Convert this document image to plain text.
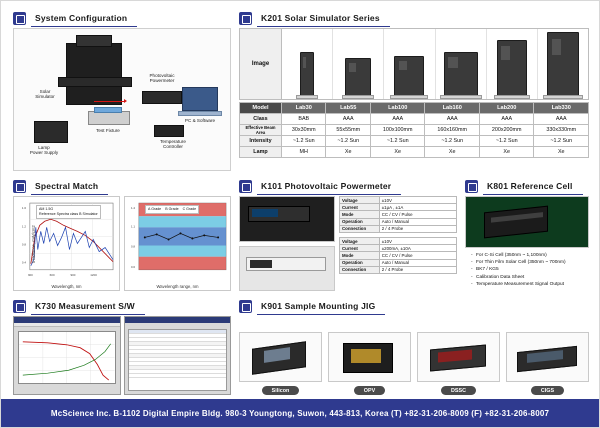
System Configuration
Solar
Simulator
Lamp
Power Supply
Test Fixture
Photovoltaic
Powermeter
Temperature
Controller
PC & Software
K201 Solar Simulator Series
Image
Model	Lab30	Lab55	Lab100	Lab160	Lab200	Lab330
Class	BAB	AAA	AAA	AAA	AAA	AAA
Effective Beam Area	30x30mm	55x55mm	100x100mm	160x160mm	200x200mm	330x330mm
Intensity	~1.2 Sun	~1.2 Sun	~1.2 Sun	~1.2 Sun	~1.2 Sun	~1.2 Sun
Lamp	MH	Xe	Xe	Xe	Xe	Xe
Spectral Match
1.6
1.2
0.8
0.4
300	600	900	1200
AM 1.5G
Reference Spectra class B Simulator
Wavelength, nm
Irradiance, mW/cm2
1.4
1.1
0.8
0.6
A Grade B Grade C Grade
Wavelength range, nm
K101 Photovoltaic Powermeter
Voltage	±10V
Current	±1μA , ±1A
Mode	CC / CV / Pulse
Operation	Auto / Manual
Connection	2 / 4 Probe
Voltage	±10V
Current	±200mA, ±10A
Mode	CC / CV / Pulse
Operation	Auto / Manual
Connection	2 / 4 Probe
K801 Reference Cell
- For C-Si Cell (350nm ~ 1,100nm)
- For Thin Film Solar Cell (350nm ~ 700nm)
- BK7 / KG5
- Calibration Data Sheet
- Temperature Measurement Signal Output
K730 Measurement S/W	K901 Sample Mounting JIG
Silicon	OPV	DSSC	CIGS
McScience Inc. B-1102 Digital Empire Bldg. 980-3 Youngtong, Suwon, 443-813, Korea (T) +82-31-206-8009 (F) +82-31-206-8007
